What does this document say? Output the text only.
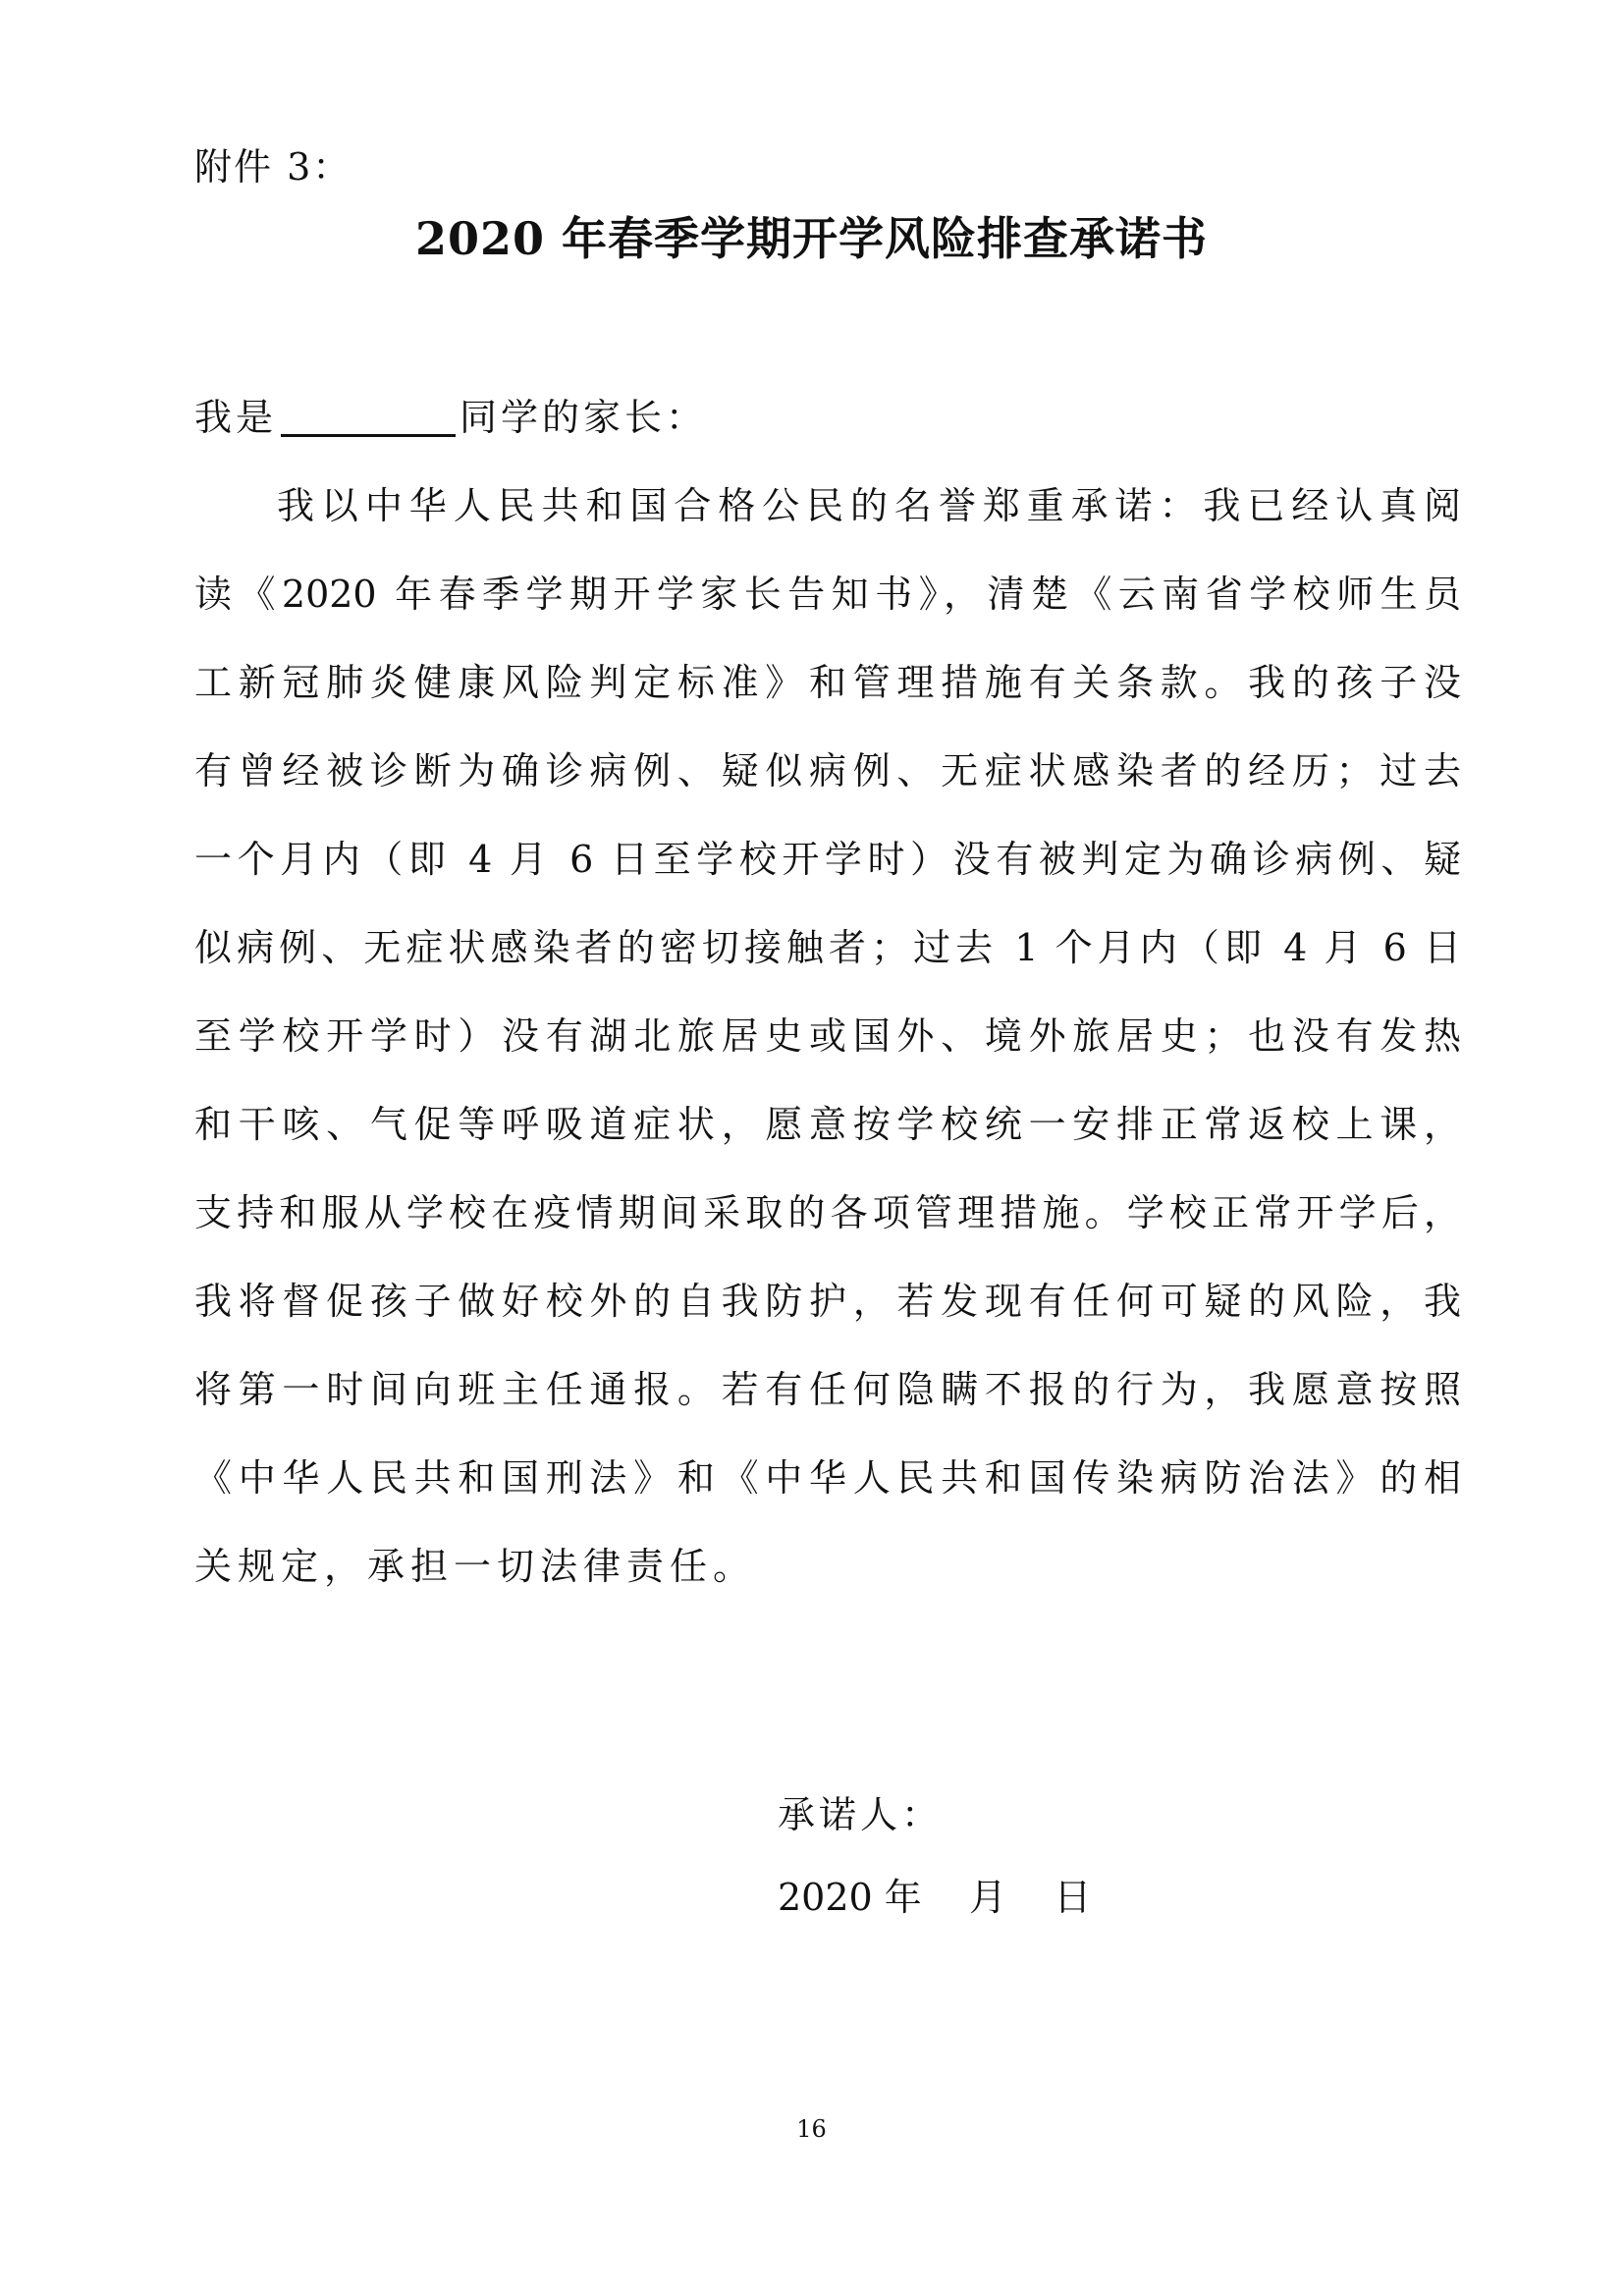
附件 3：
2020 年春季学期开学风险排查承诺书
我是	同学的家长：
我以中华人民共和国合格公民的名誉郑重承诺：我已经认真阅
读《2020 年春季学期开学家长告知书》，清楚《云南省学校师生员
工新冠肺炎健康风险判定标准》和管理措施有关条款。我的孩子没
有曾经被诊断为确诊病例、疑似病例、无症状感染者的经历；过去
一个月内（即 4 月 6 日至学校开学时）没有被判定为确诊病例、疑
似病例、无症状感染者的密切接触者；过去 1 个月内（即 4 月 6 日
至学校开学时）没有湖北旅居史或国外、境外旅居史；也没有发热
和干咳、气促等呼吸道症状，愿意按学校统一安排正常返校上课，
支持和服从学校在疫情期间采取的各项管理措施。学校正常开学后，
我将督促孩子做好校外的自我防护，若发现有任何可疑的风险，我
将第一时间向班主任通报。若有任何隐瞒不报的行为，我愿意按照
《中华人民共和国刑法》和《中华人民共和国传染病防治法》的相
关规定，承担一切法律责任。
承诺人：
2020 年    月    日
16
